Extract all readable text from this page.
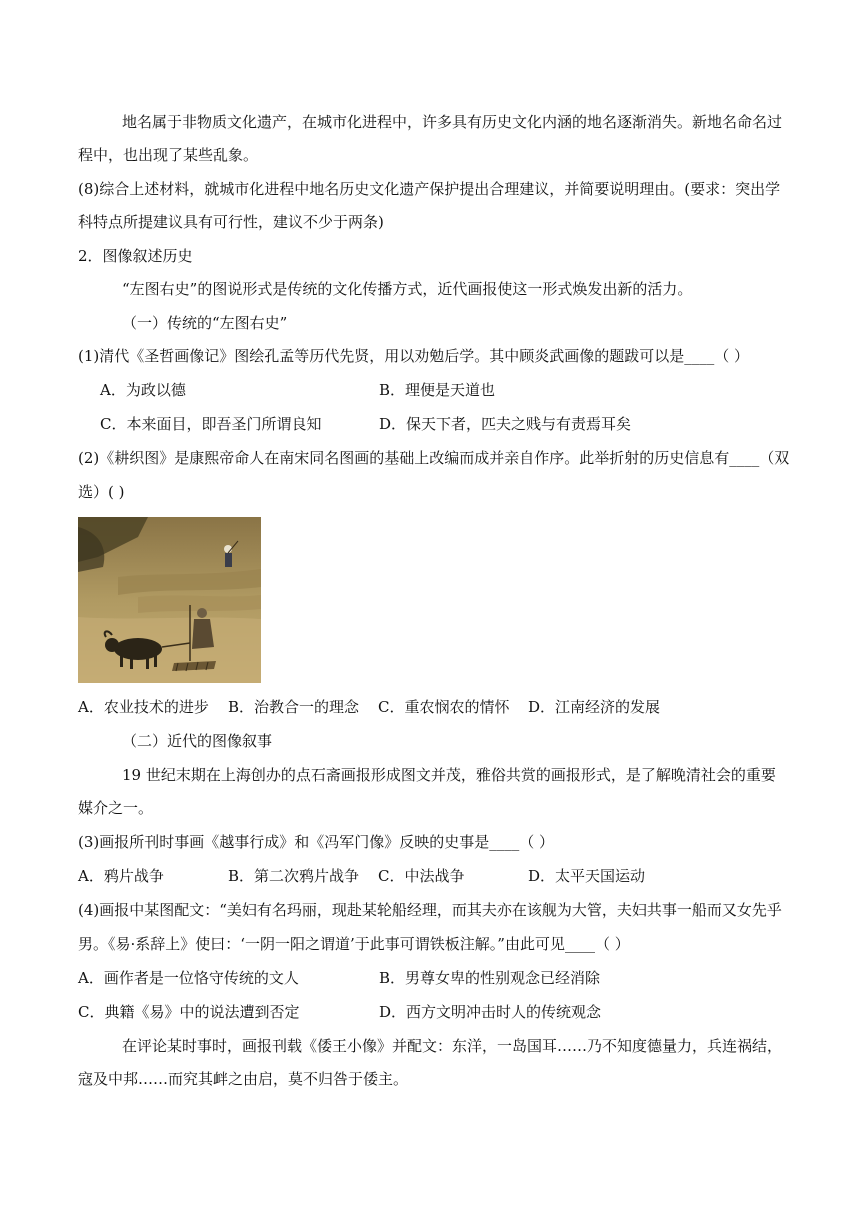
地名属于非物质文化遗产，在城市化进程中，许多具有历史文化内涵的地名逐渐消失。新地名命名过
程中，也出现了某些乱象。
(8)综合上述材料，就城市化进程中地名历史文化遗产保护提出合理建议，并简要说明理由。(要求：突出学
科特点所提建议具有可行性，建议不少于两条)
2．图像叙述历史
“左图右史”的图说形式是传统的文化传播方式，近代画报使这一形式焕发出新的活力。
（一）传统的“左图右史”
(1)清代《圣哲画像记》图绘孔孟等历代先贤，用以劝勉后学。其中顾炎武画像的题跋可以是____（ ）
A．为政以德	B．理便是天道也
C．本来面目，即吾圣门所谓良知	D．保天下者，匹夫之贱与有责焉耳矣
(2)《耕织图》是康熙帝命人在南宋同名图画的基础上改编而成并亲自作序。此举折射的历史信息有____（双
选）( )
A．农业技术的进步 B．治教合一的理念 C．重农悯农的情怀 D．江南经济的发展
（二）近代的图像叙事
19 世纪末期在上海创办的点石斋画报形成图文并茂，雅俗共赏的画报形式，是了解晚清社会的重要
媒介之一。
(3)画报所刊时事画《越事行成》和《冯军门像》反映的史事是____（ ）
A．鸦片战争	B．第二次鸦片战争 C．中法战争	D．太平天国运动
(4)画报中某图配文：“美妇有名玛丽，现赴某轮船经理，而其夫亦在该舰为大管，夫妇共事一船而又女先乎
男。《易·系辞上》使曰：‘一阴一阳之谓道’于此事可谓铁板注解。”由此可见____（ ）
A．画作者是一位恪守传统的文人	B．男尊女卑的性别观念已经消除
C．典籍《易》中的说法遭到否定	D．西方文明冲击时人的传统观念
在评论某时事时，画报刊载《倭王小像》并配文：东洋，一岛国耳……乃不知度德量力，兵连祸结，
寇及中邦……而究其衅之由启，莫不归咎于倭主。
